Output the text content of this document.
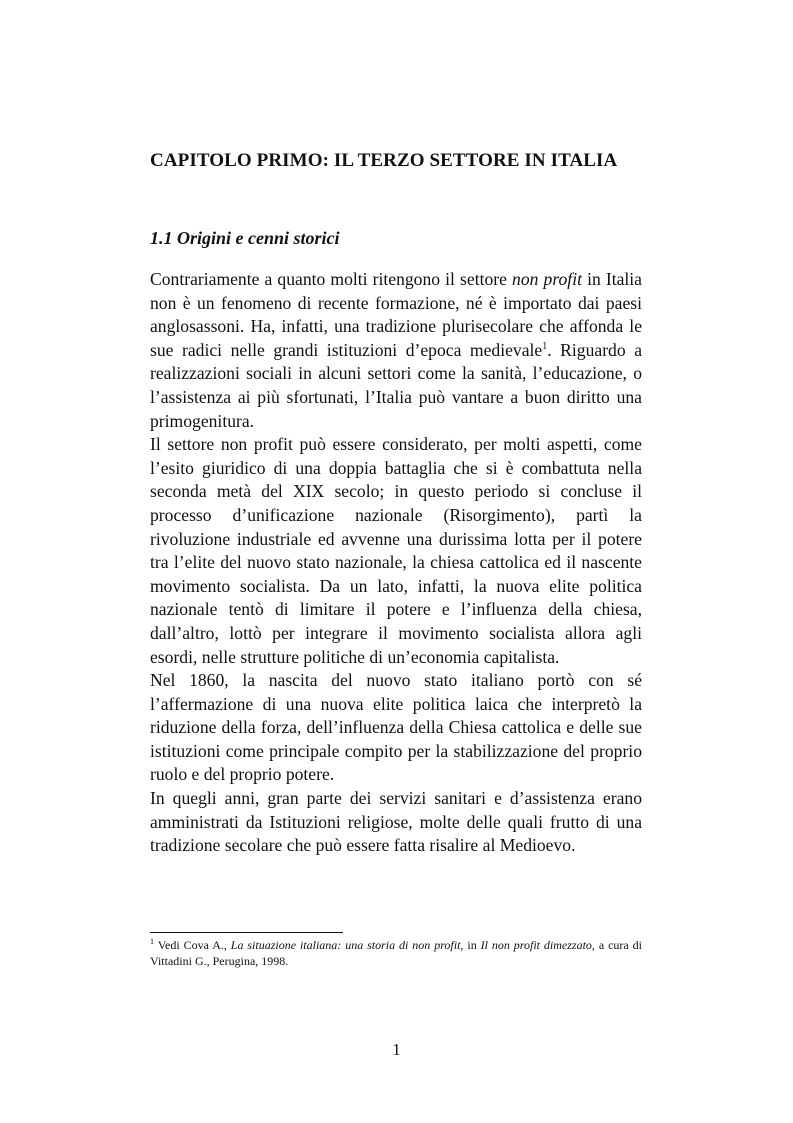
CAPITOLO PRIMO: IL TERZO SETTORE IN ITALIA
1.1 Origini e cenni storici

Contrariamente a quanto molti ritengono il settore non profit in Italia non è un fenomeno di recente formazione, né è importato dai paesi anglosassoni. Ha, infatti, una tradizione plurisecolare che affonda le sue radici nelle grandi istituzioni d’epoca medievale$^1$. Riguardo a realizzazioni sociali in alcuni settori come la sanità, l’educazione, o l’assistenza ai più sfortunati, l’Italia può vantare a buon diritto una primogenitura.

Il settore non profit può essere considerato, per molti aspetti, come l’esito giuridico di una doppia battaglia che si è combattuta nella seconda metà del XIX secolo; in questo periodo si concluse il processo d’unificazione nazionale (Risorgimento), partì la rivoluzione industriale ed avvenne una durissima lotta per il potere tra l’elite del nuovo stato nazionale, la chiesa cattolica ed il nascente movimento socialista. Da un lato, infatti, la nuova elite politica nazionale tentò di limitare il potere e l’influenza della chiesa, dall’altro, lottò per integrare il movimento socialista allora agli esordi, nelle strutture politiche di un’economia capitalista.

Nel 1860, la nascita del nuovo stato italiano portò con sé l’affermazione di una nuova elite politica laica che interpretò la riduzione della forza, dell’influenza della Chiesa cattolica e delle sue istituzioni come principale compito per la stabilizzazione del proprio ruolo e del proprio potere.

In quegli anni, gran parte dei servizi sanitari e d’assistenza erano amministrati da Istituzioni religiose, molte delle quali frutto di una tradizione secolare che può essere fatta risalire al Medioevo.

$^1$ Vedi Cova A., La situazione italiana: una storia di non profit, in Il non profit dimezzato, a cura di Vittadini G., Perugina, 1998.

1
